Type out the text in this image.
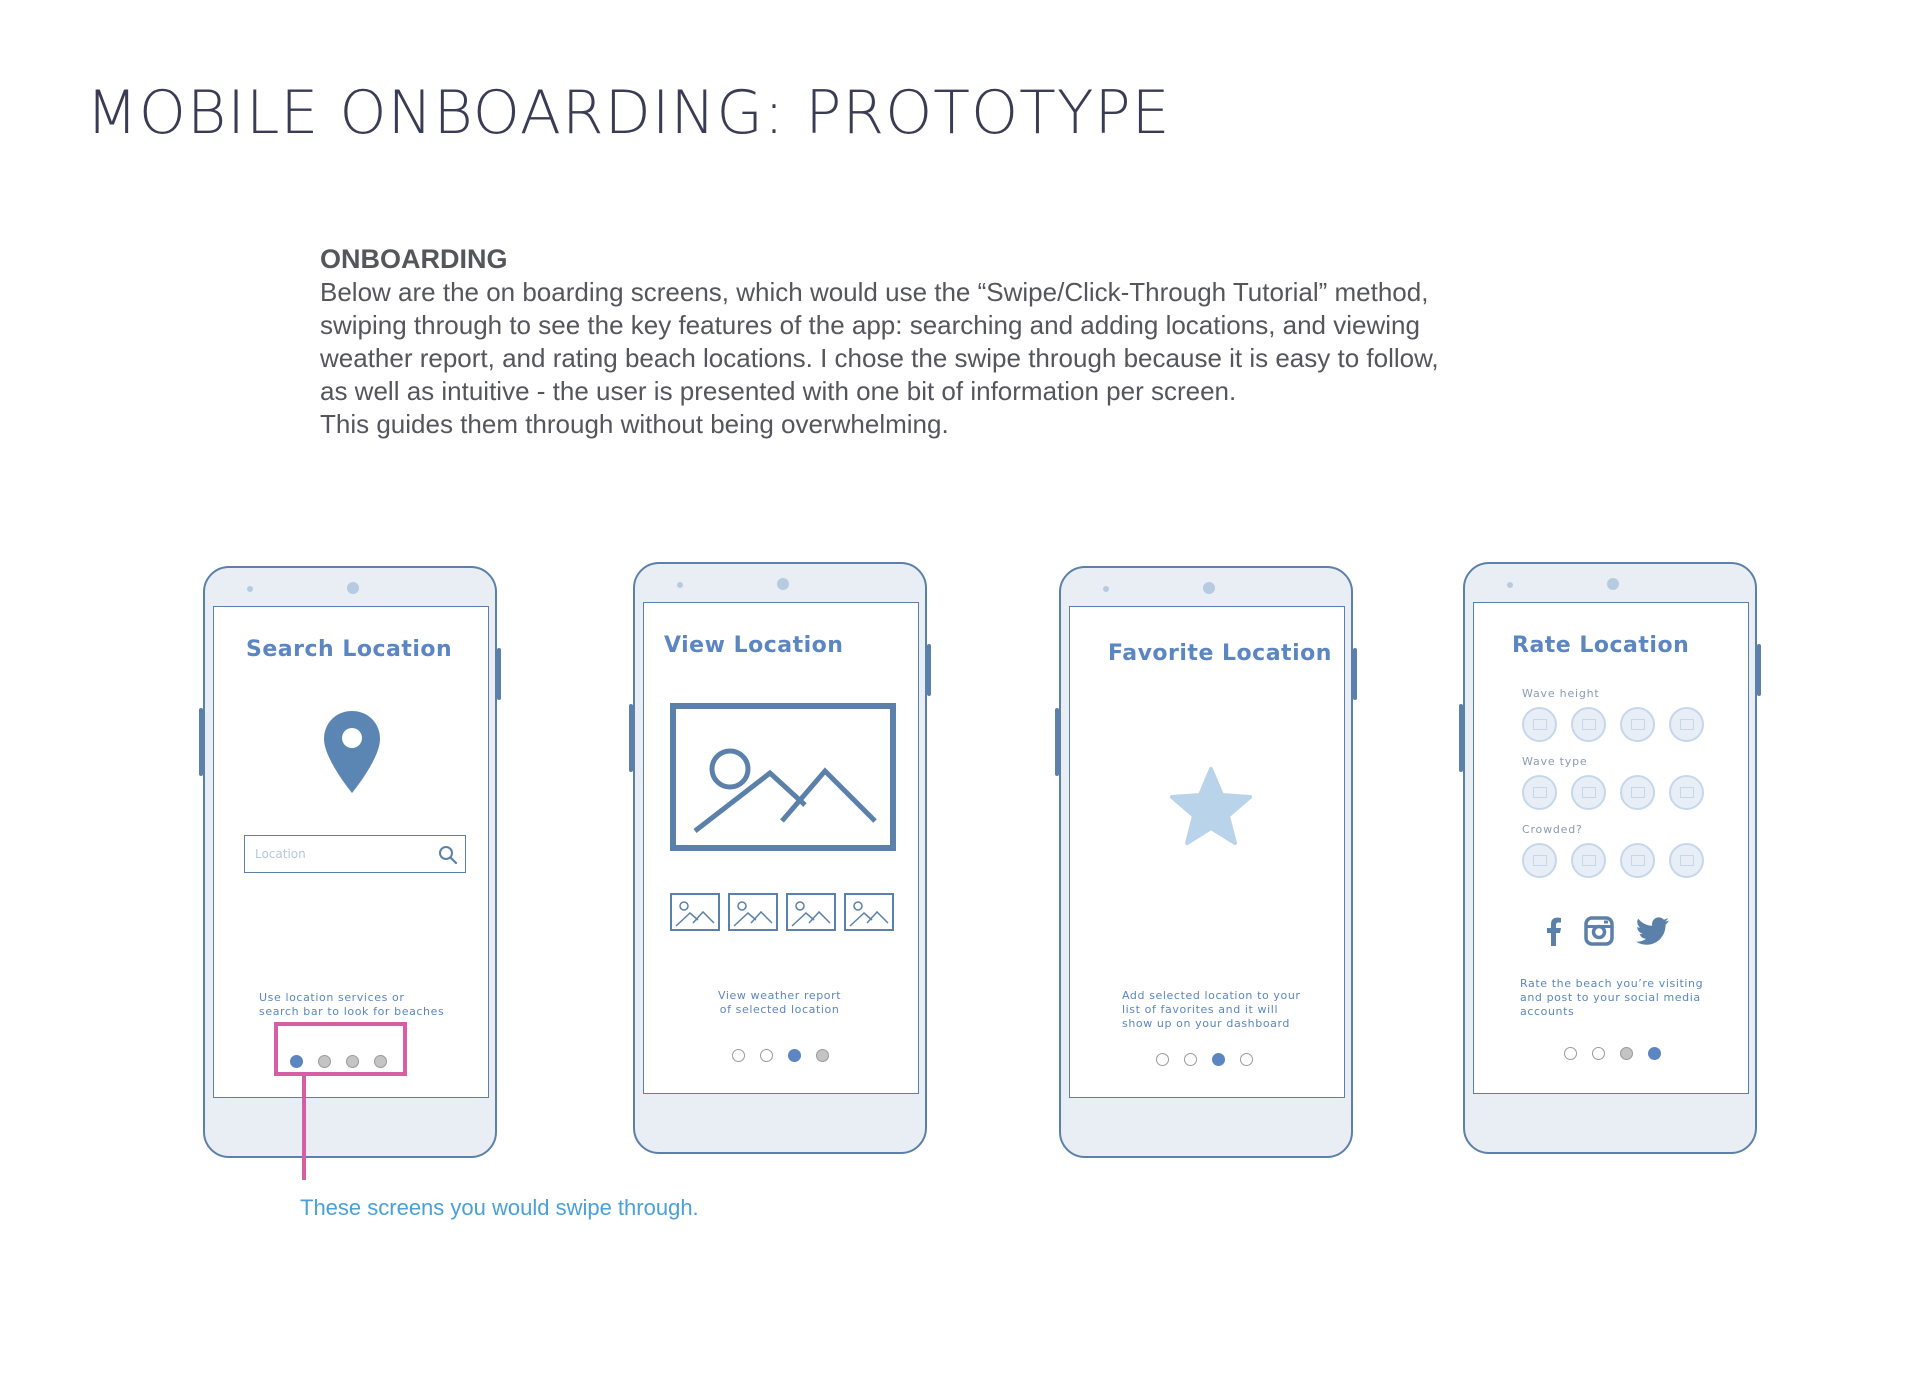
MOBILE ONBOARDING: PROTOTYPE
ONBOARDING
Below are the on boarding screens, which would use the “Swipe/Click-Through Tutorial” method,
swiping through to see the key features of the app: searching and adding locations, and viewing
weather report, and rating beach locations. I chose the swipe through because it is easy to follow,
as well as intuitive - the user is presented with one bit of information per screen.
This guides them through without being overwhelming.
Search Location
Location
Use location services or
search bar to look for beaches
View Location
View weather report
of selected location
Favorite Location
Add selected location to your
list of favorites and it will
show up on your dashboard
Rate Location
Wave height
Wave type
Crowded?
Rate the beach you’re visiting
and post to your social media
accounts
These screens you would swipe through.
